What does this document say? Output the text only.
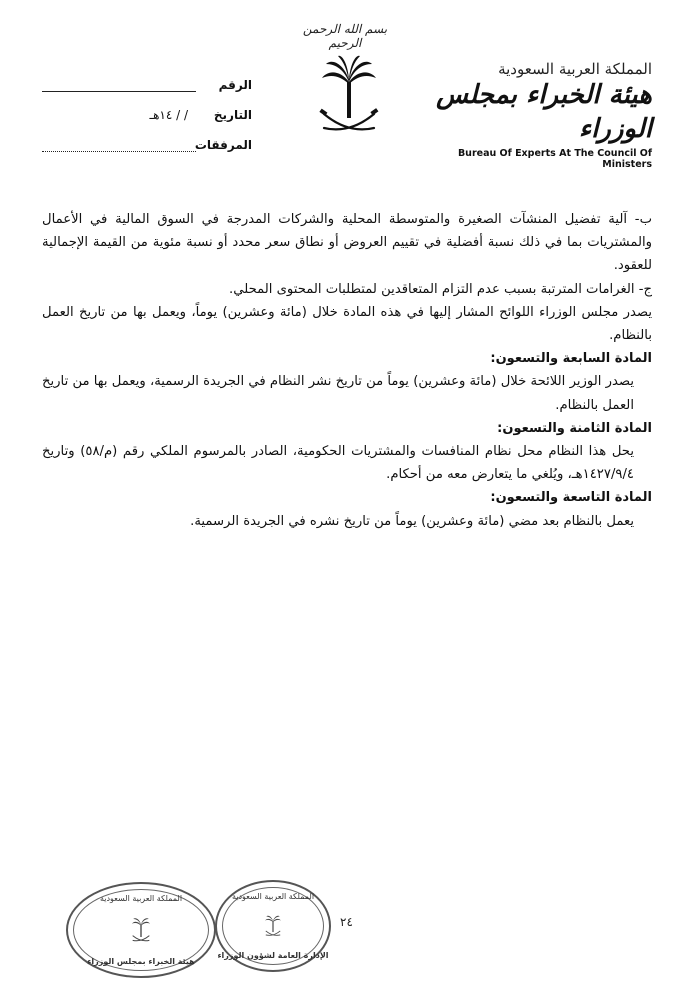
بسم الله الرحمن الرحيم
المملكة العربية السعودية
هيئة الخبراء بمجلس الوزراء
Bureau Of Experts At The Council Of Ministers
الرقم
التاريخ
/ / ١٤هـ
المرفقات

ب- آلية تفضيل المنشآت الصغيرة والمتوسطة المحلية والشركات المدرجة في السوق المالية في الأعمال والمشتريات بما في ذلك نسبة أفضلية في تقييم العروض أو نطاق سعر محدد أو نسبة مئوية من القيمة الإجمالية للعقود.

ج- الغرامات المترتبة بسبب عدم التزام المتعاقدين لمتطلبات المحتوى المحلي.

يصدر مجلس الوزراء اللوائح المشار إليها في هذه المادة خلال (مائة وعشرين) يوماً، ويعمل بها من تاريخ العمل بالنظام.

المادة السابعة والتسعون:

يصدر الوزير اللائحة خلال (مائة وعشرين) يوماً من تاريخ نشر النظام في الجريدة الرسمية، ويعمل بها من تاريخ العمل بالنظام.

المادة الثامنة والتسعون:

يحل هذا النظام محل نظام المنافسات والمشتريات الحكومية، الصادر بالمرسوم الملكي رقم (م/٥٨) وتاريخ ١٤٢٧/٩/٤هـ، ويُلغي ما يتعارض معه من أحكام.

المادة التاسعة والتسعون:

يعمل بالنظام بعد مضي (مائة وعشرين) يوماً من تاريخ نشره في الجريدة الرسمية.

٢٤
المملكة العربية السعودية
هيئة الخبراء بمجلس الوزراء
المملكة العربية السعودية
الإدارة العامة لشؤون الوزراء
